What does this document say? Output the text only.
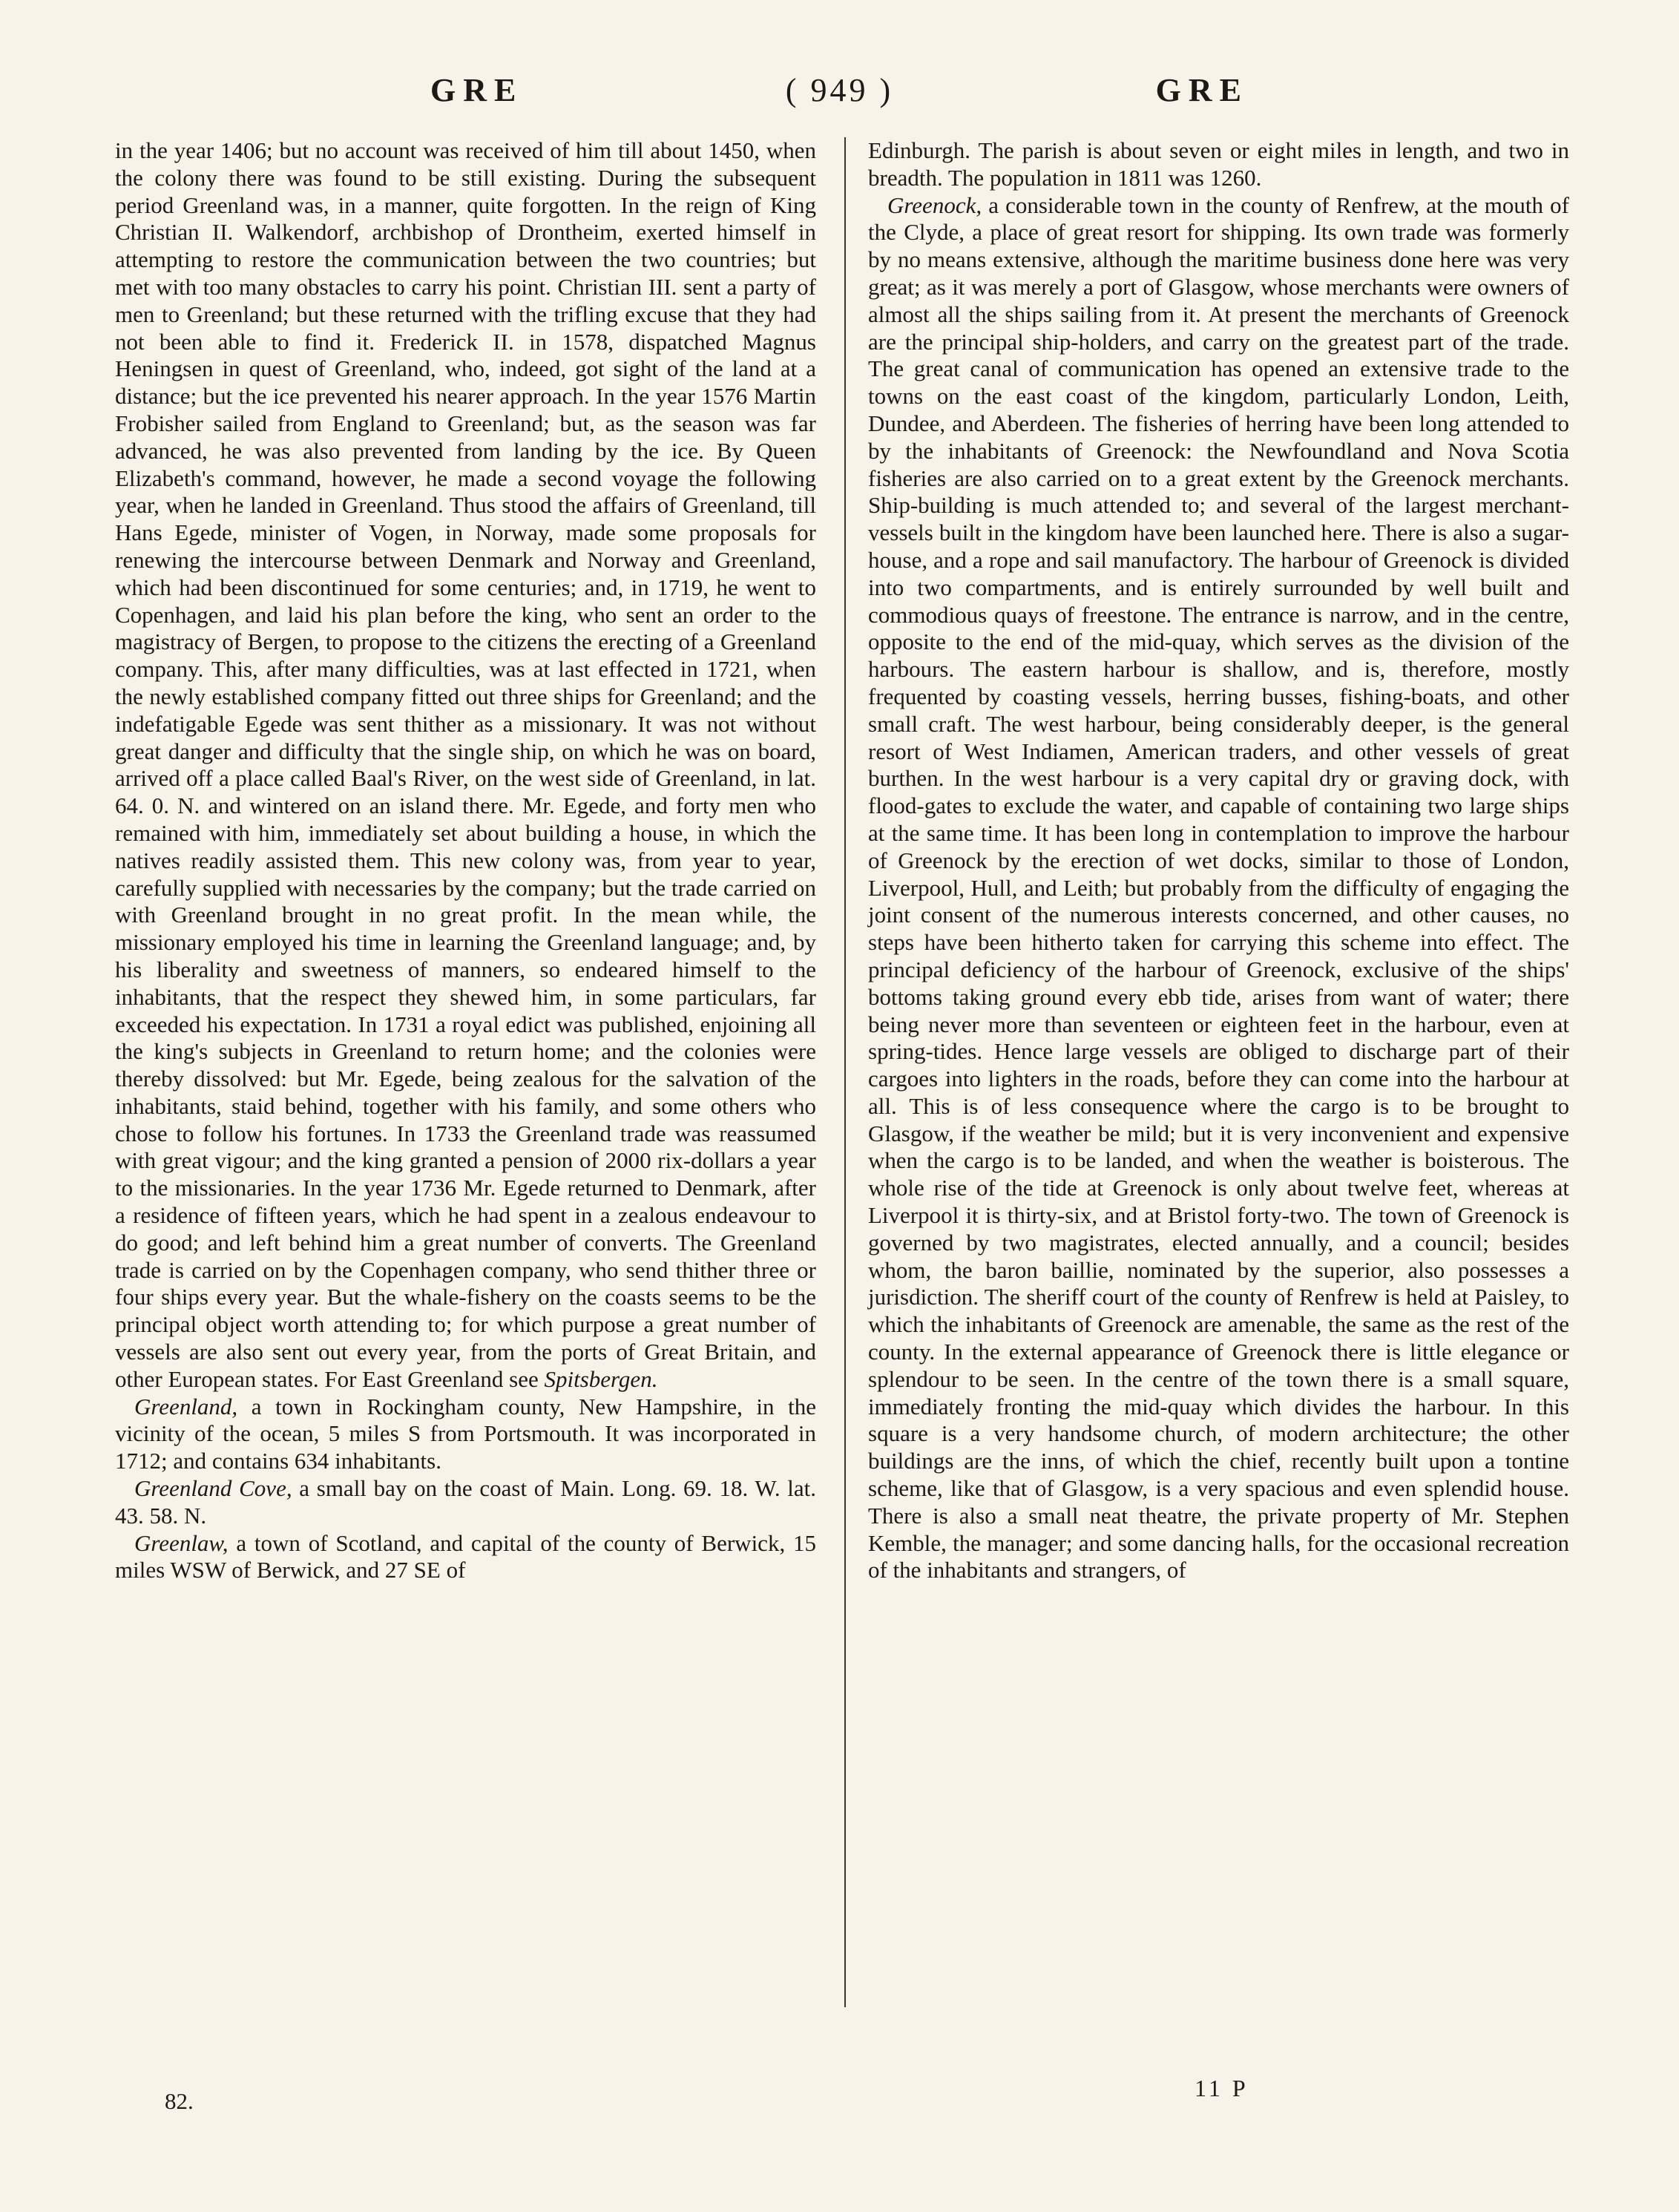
GRE	( 949 )	GRE

in the year 1406; but no account was received of him till about 1450, when the colony there was found to be still existing. During the subsequent period Greenland was, in a manner, quite forgotten. In the reign of King Christian II. Walkendorf, archbishop of Drontheim, exerted himself in attempting to restore the communication between the two countries; but met with too many obstacles to carry his point. Christian III. sent a party of men to Greenland; but these returned with the trifling excuse that they had not been able to find it. Frederick II. in 1578, dispatched Magnus Heningsen in quest of Greenland, who, indeed, got sight of the land at a distance; but the ice prevented his nearer approach. In the year 1576 Martin Frobisher sailed from England to Greenland; but, as the season was far advanced, he was also prevented from landing by the ice. By Queen Elizabeth's command, however, he made a second voyage the following year, when he landed in Greenland. Thus stood the affairs of Greenland, till Hans Egede, minister of Vogen, in Norway, made some proposals for renewing the intercourse between Denmark and Norway and Greenland, which had been discontinued for some centuries; and, in 1719, he went to Copenhagen, and laid his plan before the king, who sent an order to the magistracy of Bergen, to propose to the citizens the erecting of a Greenland company. This, after many difficulties, was at last effected in 1721, when the newly established company fitted out three ships for Greenland; and the indefatigable Egede was sent thither as a missionary. It was not without great danger and difficulty that the single ship, on which he was on board, arrived off a place called Baal's River, on the west side of Greenland, in lat. 64. 0. N. and wintered on an island there. Mr. Egede, and forty men who remained with him, immediately set about building a house, in which the natives readily assisted them. This new colony was, from year to year, carefully supplied with necessaries by the company; but the trade carried on with Greenland brought in no great profit. In the mean while, the missionary employed his time in learning the Greenland language; and, by his liberality and sweetness of manners, so endeared himself to the inhabitants, that the respect they shewed him, in some particulars, far exceeded his expectation. In 1731 a royal edict was published, enjoining all the king's subjects in Greenland to return home; and the colonies were thereby dissolved: but Mr. Egede, being zealous for the salvation of the inhabitants, staid behind, together with his family, and some others who chose to follow his fortunes. In 1733 the Greenland trade was reassumed with great vigour; and the king granted a pension of 2000 rix-dollars a year to the missionaries. In the year 1736 Mr. Egede returned to Denmark, after a residence of fifteen years, which he had spent in a zealous endeavour to do good; and left behind him a great number of converts. The Greenland trade is carried on by the Copenhagen company, who send thither three or four ships every year. But the whale-fishery on the coasts seems to be the principal object worth attending to; for which purpose a great number of vessels are also sent out every year, from the ports of Great Britain, and other European states. For East Greenland see Spitsbergen.

Greenland, a town in Rockingham county, New Hampshire, in the vicinity of the ocean, 5 miles S from Portsmouth. It was incorporated in 1712; and contains 634 inhabitants.

Greenland Cove, a small bay on the coast of Main. Long. 69. 18. W. lat. 43. 58. N.

Greenlaw, a town of Scotland, and capital of the county of Berwick, 15 miles WSW of Berwick, and 27 SE of

Edinburgh. The parish is about seven or eight miles in length, and two in breadth. The population in 1811 was 1260.

Greenock, a considerable town in the county of Renfrew, at the mouth of the Clyde, a place of great resort for shipping. Its own trade was formerly by no means extensive, although the maritime business done here was very great; as it was merely a port of Glasgow, whose merchants were owners of almost all the ships sailing from it. At present the merchants of Greenock are the principal ship-holders, and carry on the greatest part of the trade. The great canal of communication has opened an extensive trade to the towns on the east coast of the kingdom, particularly London, Leith, Dundee, and Aberdeen. The fisheries of herring have been long attended to by the inhabitants of Greenock: the Newfoundland and Nova Scotia fisheries are also carried on to a great extent by the Greenock merchants. Ship-building is much attended to; and several of the largest merchant-vessels built in the kingdom have been launched here. There is also a sugar-house, and a rope and sail manufactory. The harbour of Greenock is divided into two compartments, and is entirely surrounded by well built and commodious quays of freestone. The entrance is narrow, and in the centre, opposite to the end of the mid-quay, which serves as the division of the harbours. The eastern harbour is shallow, and is, therefore, mostly frequented by coasting vessels, herring busses, fishing-boats, and other small craft. The west harbour, being considerably deeper, is the general resort of West Indiamen, American traders, and other vessels of great burthen. In the west harbour is a very capital dry or graving dock, with flood-gates to exclude the water, and capable of containing two large ships at the same time. It has been long in contemplation to improve the harbour of Greenock by the erection of wet docks, similar to those of London, Liverpool, Hull, and Leith; but probably from the difficulty of engaging the joint consent of the numerous interests concerned, and other causes, no steps have been hitherto taken for carrying this scheme into effect. The principal deficiency of the harbour of Greenock, exclusive of the ships' bottoms taking ground every ebb tide, arises from want of water; there being never more than seventeen or eighteen feet in the harbour, even at spring-tides. Hence large vessels are obliged to discharge part of their cargoes into lighters in the roads, before they can come into the harbour at all. This is of less consequence where the cargo is to be brought to Glasgow, if the weather be mild; but it is very inconvenient and expensive when the cargo is to be landed, and when the weather is boisterous. The whole rise of the tide at Greenock is only about twelve feet, whereas at Liverpool it is thirty-six, and at Bristol forty-two. The town of Greenock is governed by two magistrates, elected annually, and a council; besides whom, the baron baillie, nominated by the superior, also possesses a jurisdiction. The sheriff court of the county of Renfrew is held at Paisley, to which the inhabitants of Greenock are amenable, the same as the rest of the county. In the external appearance of Greenock there is little elegance or splendour to be seen. In the centre of the town there is a small square, immediately fronting the mid-quay which divides the harbour. In this square is a very handsome church, of modern architecture; the other buildings are the inns, of which the chief, recently built upon a tontine scheme, like that of Glasgow, is a very spacious and even splendid house. There is also a small neat theatre, the private property of Mr. Stephen Kemble, the manager; and some dancing halls, for the occasional recreation of the inhabitants and strangers, of

82.	11 P
